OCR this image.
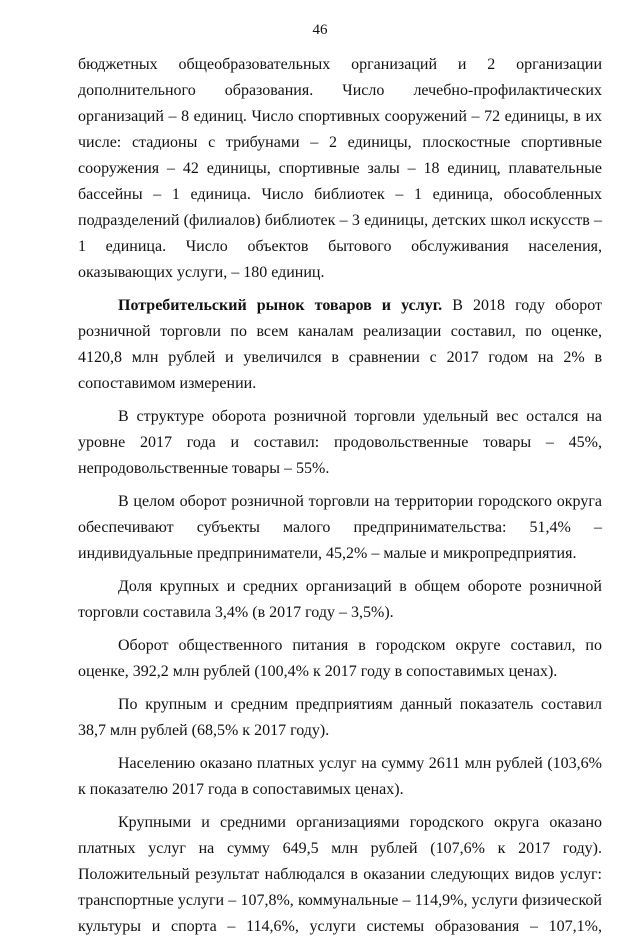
46

бюджетных общеобразовательных организаций и 2 организации дополнительного образования. Число лечебно-профилактических организаций – 8 единиц. Число спортивных сооружений – 72 единицы, в их числе: стадионы с трибунами – 2 единицы, плоскостные спортивные сооружения – 42 единицы, спортивные залы – 18 единиц, плавательные бассейны – 1 единица. Число библиотек – 1 единица, обособленных подразделений (филиалов) библиотек – 3 единицы, детских школ искусств – 1 единица. Число объектов бытового обслуживания населения, оказывающих услуги, – 180 единиц.

Потребительский рынок товаров и услуг. В 2018 году оборот розничной торговли по всем каналам реализации составил, по оценке, 4120,8 млн рублей и увеличился в сравнении с 2017 годом на 2% в сопоставимом измерении.

В структуре оборота розничной торговли удельный вес остался на уровне 2017 года и составил: продовольственные товары – 45%, непродовольственные товары – 55%.

В целом оборот розничной торговли на территории городского округа обеспечивают субъекты малого предпринимательства: 51,4% – индивидуальные предприниматели, 45,2% – малые и микропредприятия.

Доля крупных и средних организаций в общем обороте розничной торговли составила 3,4% (в 2017 году – 3,5%).

Оборот общественного питания в городском округе составил, по оценке, 392,2 млн рублей (100,4% к 2017 году в сопоставимых ценах).

По крупным и средним предприятиям данный показатель составил 38,7 млн рублей (68,5% к 2017 году).

Населению оказано платных услуг на сумму 2611 млн рублей (103,6% к показателю 2017 года в сопоставимых ценах).

Крупными и средними организациями городского округа оказано платных услуг на сумму 649,5 млн рублей (107,6% к 2017 году). Положительный результат наблюдался в оказании следующих видов услуг: транспортные услуги – 107,8%, коммунальные – 114,9%, услуги физической культуры и спорта – 114,6%, услуги системы образования – 107,1%,
